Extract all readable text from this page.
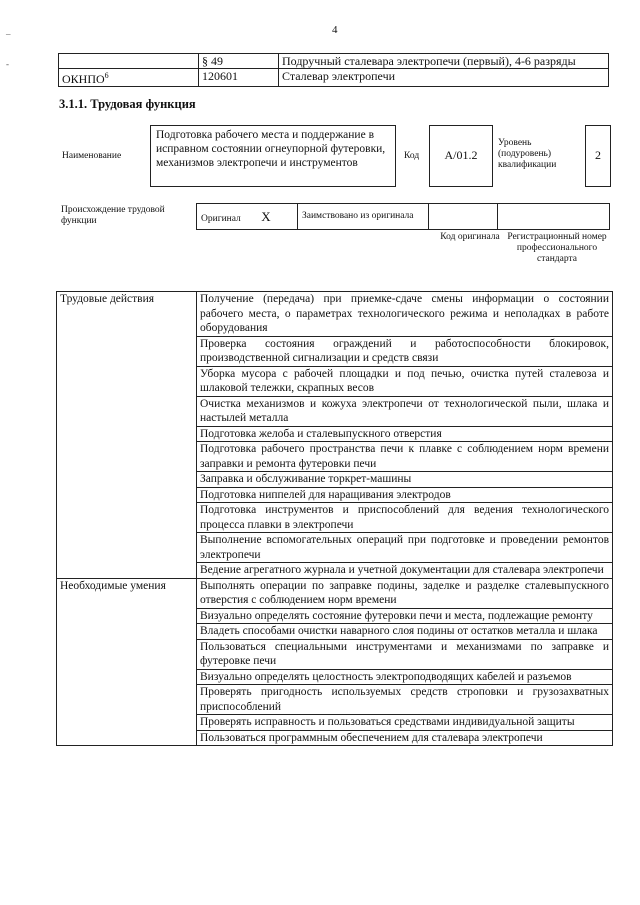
4
–
-
		§ 49	Подручный сталевара электропечи (первый), 4-6 разряды
ОКНПО$^6$	120601	Сталевар электропечи
3.1.1. Трудовая функция
Наименование
Подготовка рабочего места и поддержание в исправном состоянии огнеупорной футеровки, механизмов электропечи и инструментов
Код	A/01.2
Уровень (подуровень) квалификации
2
Происхождение трудовой функции	Оригинал X	Заимствовано из оригинала		
Код оригинала Регистрационный номер профессионального стандарта
Трудовые действия	Получение (передача) при приемке-сдаче смены информации о состоянии рабочего места, о параметрах технологического режима и неполадках в работе оборудования
	Проверка состояния ограждений и работоспособности блокировок, производственной сигнализации и средств связи
	Уборка мусора с рабочей площадки и под печью, очистка путей сталевоза и шлаковой тележки, скрапных весов
	Очистка механизмов и кожуха электропечи от технологической пыли, шлака и настылей металла
	Подготовка желоба и сталевыпускного отверстия
	Подготовка рабочего пространства печи к плавке с соблюдением норм времени заправки и ремонта футеровки печи
	Заправка и обслуживание торкрет-машины
	Подготовка ниппелей для наращивания электродов
	Подготовка инструментов и приспособлений для ведения технологического процесса плавки в электропечи
	Выполнение вспомогательных операций при подготовке и проведении ремонтов электропечи
	Ведение агрегатного журнала и учетной документации для сталевара электропечи
Необходимые умения	Выполнять операции по заправке подины, заделке и разделке сталевыпускного отверстия с соблюдением норм времени
	Визуально определять состояние футеровки печи и места, подлежащие ремонту
	Владеть способами очистки наварного слоя подины от остатков металла и шлака
	Пользоваться специальными инструментами и механизмами по заправке и футеровке печи
	Визуально определять целостность электроподводящих кабелей и разъемов
	Проверять пригодность используемых средств строповки и грузозахватных приспособлений
	Проверять исправность и пользоваться средствами индивидуальной защиты
	Пользоваться программным обеспечением для сталевара электропечи
